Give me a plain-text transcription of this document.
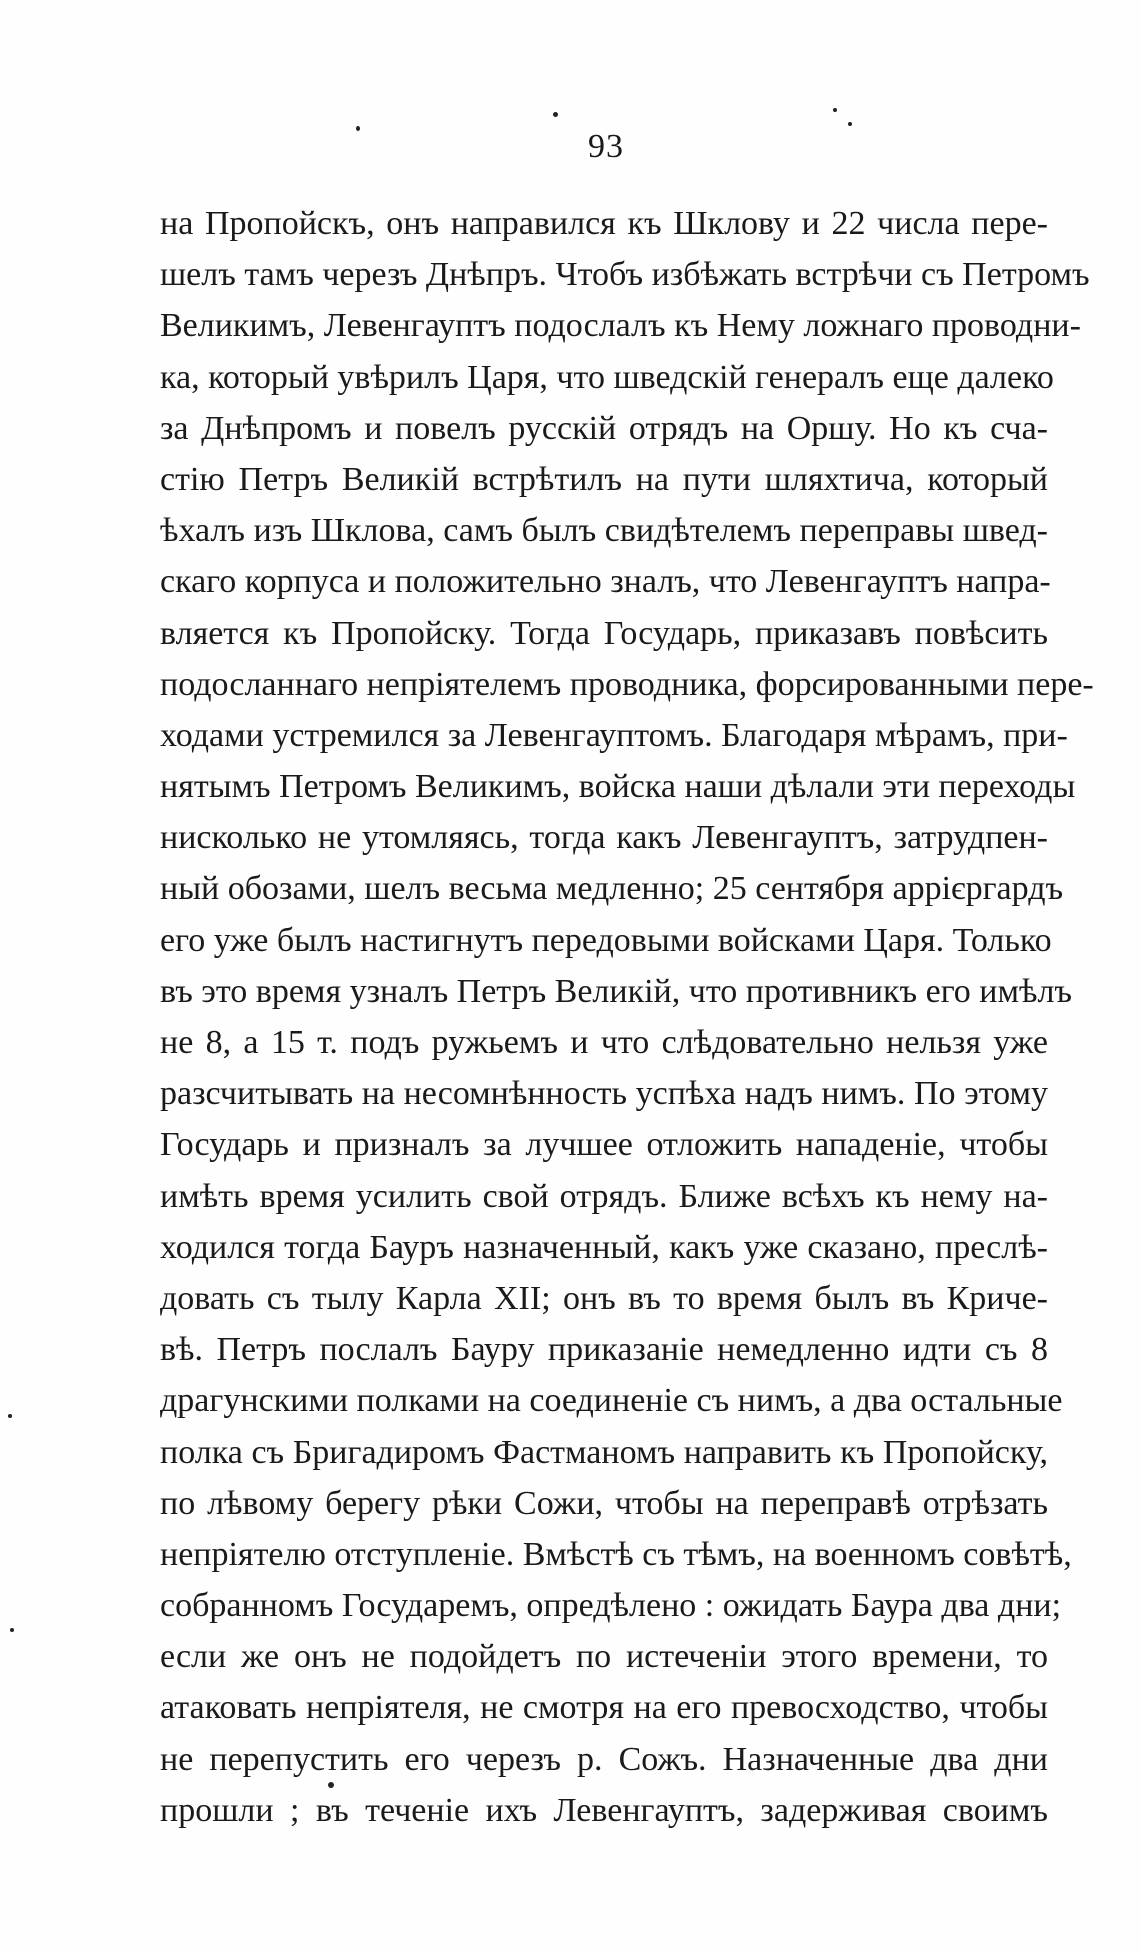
93
на Пропойскъ, онъ направился къ Шклову и 22 числа пере-
шелъ тамъ черезъ Днѣпръ. Чтобъ избѣжать встрѣчи съ Петромъ
Великимъ, Левенгауптъ подослалъ къ Нему ложнаго проводни-
ка, который увѣрилъ Царя, что шведскій генералъ еще далеко
за Днѣпромъ и повелъ русскій отрядъ на Оршу. Но къ сча-
стію Петръ Великій встрѣтилъ на пути шляхтича, который
ѣхалъ изъ Шклова, самъ былъ свидѣтелемъ переправы швед-
скаго корпуса и положительно зналъ, что Левенгауптъ напра-
вляется къ Пропойску. Тогда Государь, приказавъ повѣсить
подосланнаго непріятелемъ проводника, форсированными пере-
ходами устремился за Левенгауптомъ. Благодаря мѣрамъ, при-
нятымъ Петромъ Великимъ, войска наши дѣлали эти переходы
нисколько не утомляясь, тогда какъ Левенгауптъ, затрудпен-
ный обозами, шелъ весьма медленно; 25 сентября аррієргардъ
его уже былъ настигнутъ передовыми войсками Царя. Только
въ это время узналъ Петръ Великій, что противникъ его имѣлъ
не 8, а 15 т. подъ ружьемъ и что слѣдовательно нельзя уже
разсчитывать на несомнѣнность успѣха надъ нимъ. По этому
Государь и призналъ за лучшее отложить нападеніе, чтобы
имѣть время усилить свой отрядъ. Ближе всѣхъ къ нему на-
ходился тогда Бауръ назначенный, какъ уже сказано, преслѣ-
довать съ тылу Карла XII; онъ въ то время былъ въ Криче-
вѣ. Петръ послалъ Бауру приказаніе немедленно идти съ 8
драгунскими полками на соединеніе съ нимъ, а два остальные
полка съ Бригадиромъ Фастманомъ направить къ Пропойску,
по лѣвому берегу рѣки Сожи, чтобы на переправѣ отрѣзать
непріятелю отступленіе. Вмѣстѣ съ тѣмъ, на военномъ совѣтѣ,
собранномъ Государемъ, опредѣлено : ожидать Баура два дни;
если же онъ не подойдетъ по истеченіи этого времени, то
атаковать непріятеля, не смотря на его превосходство, чтобы
не перепустить его черезъ р. Сожъ. Назначенные два дни
прошли ; въ теченіе ихъ Левенгауптъ, задерживая своимъ
